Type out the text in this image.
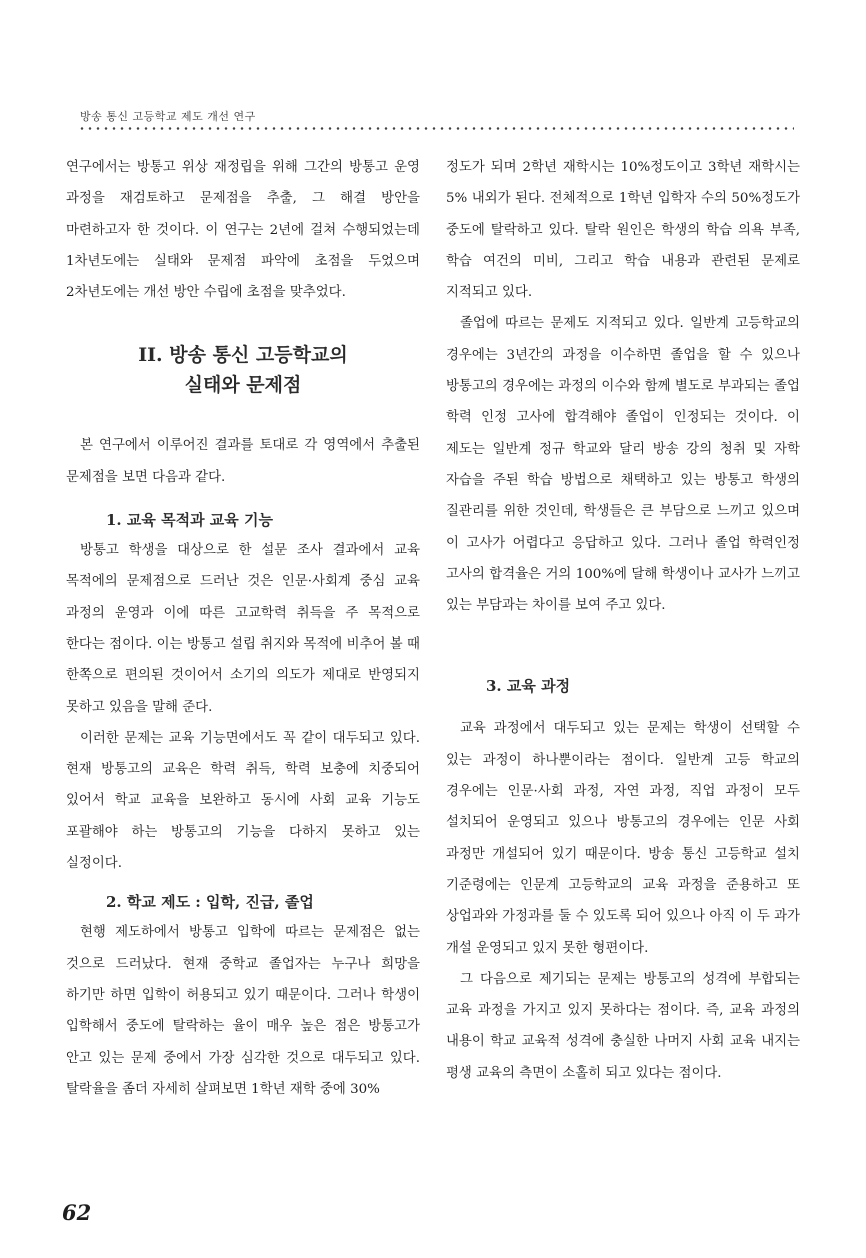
방송 통신 고등학교 제도 개선 연구

연구에서는 방통고 위상 재정립을 위해 그간의 방통고 운영 과정을 재검토하고 문제점을 추출, 그 해결 방안을 마련하고자 한 것이다. 이 연구는 2년에 걸쳐 수행되었는데 1차년도에는 실태와 문제점 파악에 초점을 두었으며 2차년도에는 개선 방안 수립에 초점을 맞추었다.

II. 방송 통신 고등학교의
실태와 문제점

본 연구에서 이루어진 결과를 토대로 각 영역에서 추출된 문제점을 보면 다음과 같다.

1. 교육 목적과 교육 기능

방통고 학생을 대상으로 한 설문 조사 결과에서 교육 목적에의 문제점으로 드러난 것은 인문·사회계 중심 교육 과정의 운영과 이에 따른 고교학력 취득을 주 목적으로 한다는 점이다. 이는 방통고 설립 취지와 목적에 비추어 볼 때 한쪽으로 편의된 것이어서 소기의 의도가 제대로 반영되지 못하고 있음을 말해 준다.

이러한 문제는 교육 기능면에서도 꼭 같이 대두되고 있다. 현재 방통고의 교육은 학력 취득, 학력 보충에 치중되어 있어서 학교 교육을 보완하고 동시에 사회 교육 기능도 포괄해야 하는 방통고의 기능을 다하지 못하고 있는 실정이다.

2. 학교 제도 : 입학, 진급, 졸업

현행 제도하에서 방통고 입학에 따르는 문제점은 없는 것으로 드러났다. 현재 중학교 졸업자는 누구나 희망을 하기만 하면 입학이 허용되고 있기 때문이다. 그러나 학생이 입학해서 중도에 탈락하는 율이 매우 높은 점은 방통고가 안고 있는 문제 중에서 가장 심각한 것으로 대두되고 있다. 탈락율을 좀더 자세히 살펴보면 1학년 재학 중에 30%

정도가 되며 2학년 재학시는 10%정도이고 3학년 재학시는 5% 내외가 된다. 전체적으로 1학년 입학자 수의 50%정도가 중도에 탈락하고 있다. 탈락 원인은 학생의 학습 의욕 부족, 학습 여건의 미비, 그리고 학습 내용과 관련된 문제로 지적되고 있다.

졸업에 따르는 문제도 지적되고 있다. 일반계 고등학교의 경우에는 3년간의 과정을 이수하면 졸업을 할 수 있으나 방통고의 경우에는 과정의 이수와 함께 별도로 부과되는 졸업 학력 인정 고사에 합격해야 졸업이 인정되는 것이다. 이 제도는 일반계 정규 학교와 달리 방송 강의 청취 및 자학 자습을 주된 학습 방법으로 채택하고 있는 방통고 학생의 질관리를 위한 것인데, 학생들은 큰 부담으로 느끼고 있으며 이 고사가 어렵다고 응답하고 있다. 그러나 졸업 학력인정 고사의 합격율은 거의 100%에 달해 학생이나 교사가 느끼고 있는 부담과는 차이를 보여 주고 있다.

3. 교육 과정

교육 과정에서 대두되고 있는 문제는 학생이 선택할 수 있는 과정이 하나뿐이라는 점이다. 일반계 고등 학교의 경우에는 인문·사회 과정, 자연 과정, 직업 과정이 모두 설치되어 운영되고 있으나 방통고의 경우에는 인문 사회 과정만 개설되어 있기 때문이다. 방송 통신 고등학교 설치 기준령에는 인문계 고등학교의 교육 과정을 준용하고 또 상업과와 가정과를 둘 수 있도록 되어 있으나 아직 이 두 과가 개설 운영되고 있지 못한 형편이다.

그 다음으로 제기되는 문제는 방통고의 성격에 부합되는 교육 과정을 가지고 있지 못하다는 점이다. 즉, 교육 과정의 내용이 학교 교육적 성격에 충실한 나머지 사회 교육 내지는 평생 교육의 측면이 소홀히 되고 있다는 점이다.

62
